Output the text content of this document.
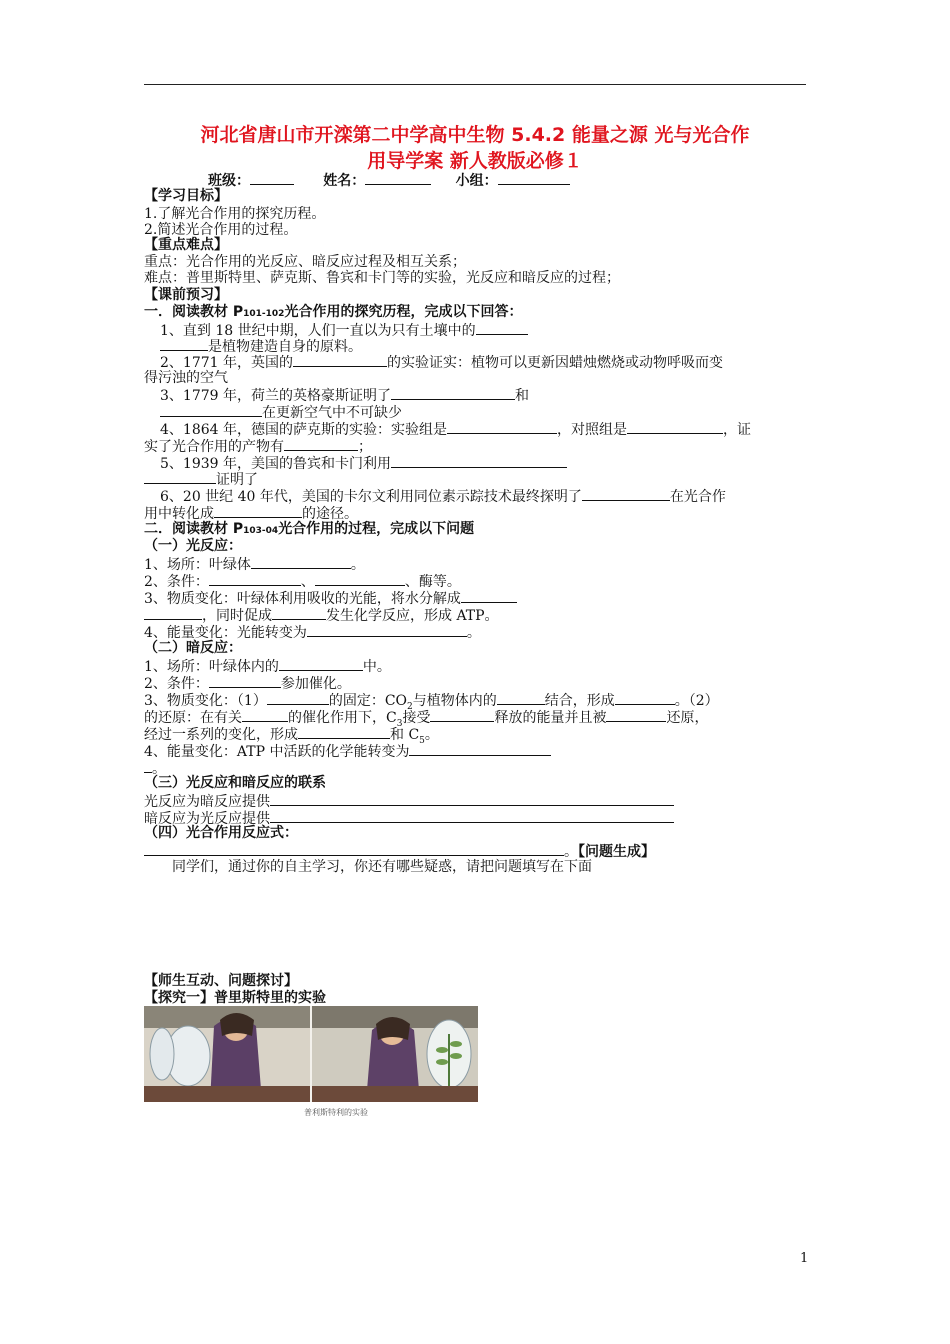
河北省唐山市开滦第二中学高中生物 5.4.2 能量之源 光与光合作
用导学案 新人教版必修１
班级：	姓名：	小组：
【学习目标】
1.了解光合作用的探究历程。
2.简述光合作用的过程。
【重点难点】
重点：光合作用的光反应、暗反应过程及相互关系；
难点：普里斯特里、萨克斯、鲁宾和卡门等的实验，光反应和暗反应的过程；
【课前预习】
一．阅读教材 P101-102光合作用的探究历程，完成以下回答：
1、直到 18 世纪中期，人们一直以为只有土壤中的
是植物建造自身的原料。
2、1771 年，英国的	的实验证实：植物可以更新因蜡烛燃烧或动物呼吸而变
得污浊的空气
3、1779 年，荷兰的英格豪斯证明了	和
在更新空气中不可缺少
4、1864 年，德国的萨克斯的实验：实验组是	，对照组是	，证
实了光合作用的产物有	；
5、1939 年，美国的鲁宾和卡门利用
证明了
6、20 世纪 40 年代，美国的卡尔文利用同位素示踪技术最终探明了	在光合作
用中转化成	的途径。
二．阅读教材 P103-04光合作用的过程，完成以下问题
（一）光反应：
1、场所：叶绿体	。
2、条件：	、	、酶等。
3、物质变化：叶绿体利用吸收的光能，将水分解成
，同时促成	发生化学反应，形成 ATP。
4、能量变化：光能转变为	。
（二）暗反应：
1、场所：叶绿体内的	中。
2、条件：	参加催化。
3、物质变化：（1）	的固定：$CO_2$与植物体内的	结合，形成	。（2）
的还原：在有关	的催化作用下，$C_3$接受	释放的能量并且被	还原，
经过一系列的变化，形成	和 $C_5$。
4、能量变化：ATP 中活跃的化学能转变为
。
（三）光反应和暗反应的联系
光反应为暗反应提供
暗反应为光反应提供
（四）光合作用反应式：
。【问题生成】
同学们，通过你的自主学习，你还有哪些疑惑，请把问题填写在下面
【师生互动、问题探讨】
【探究一】普里斯特里的实验
普利斯特利的实验
1
